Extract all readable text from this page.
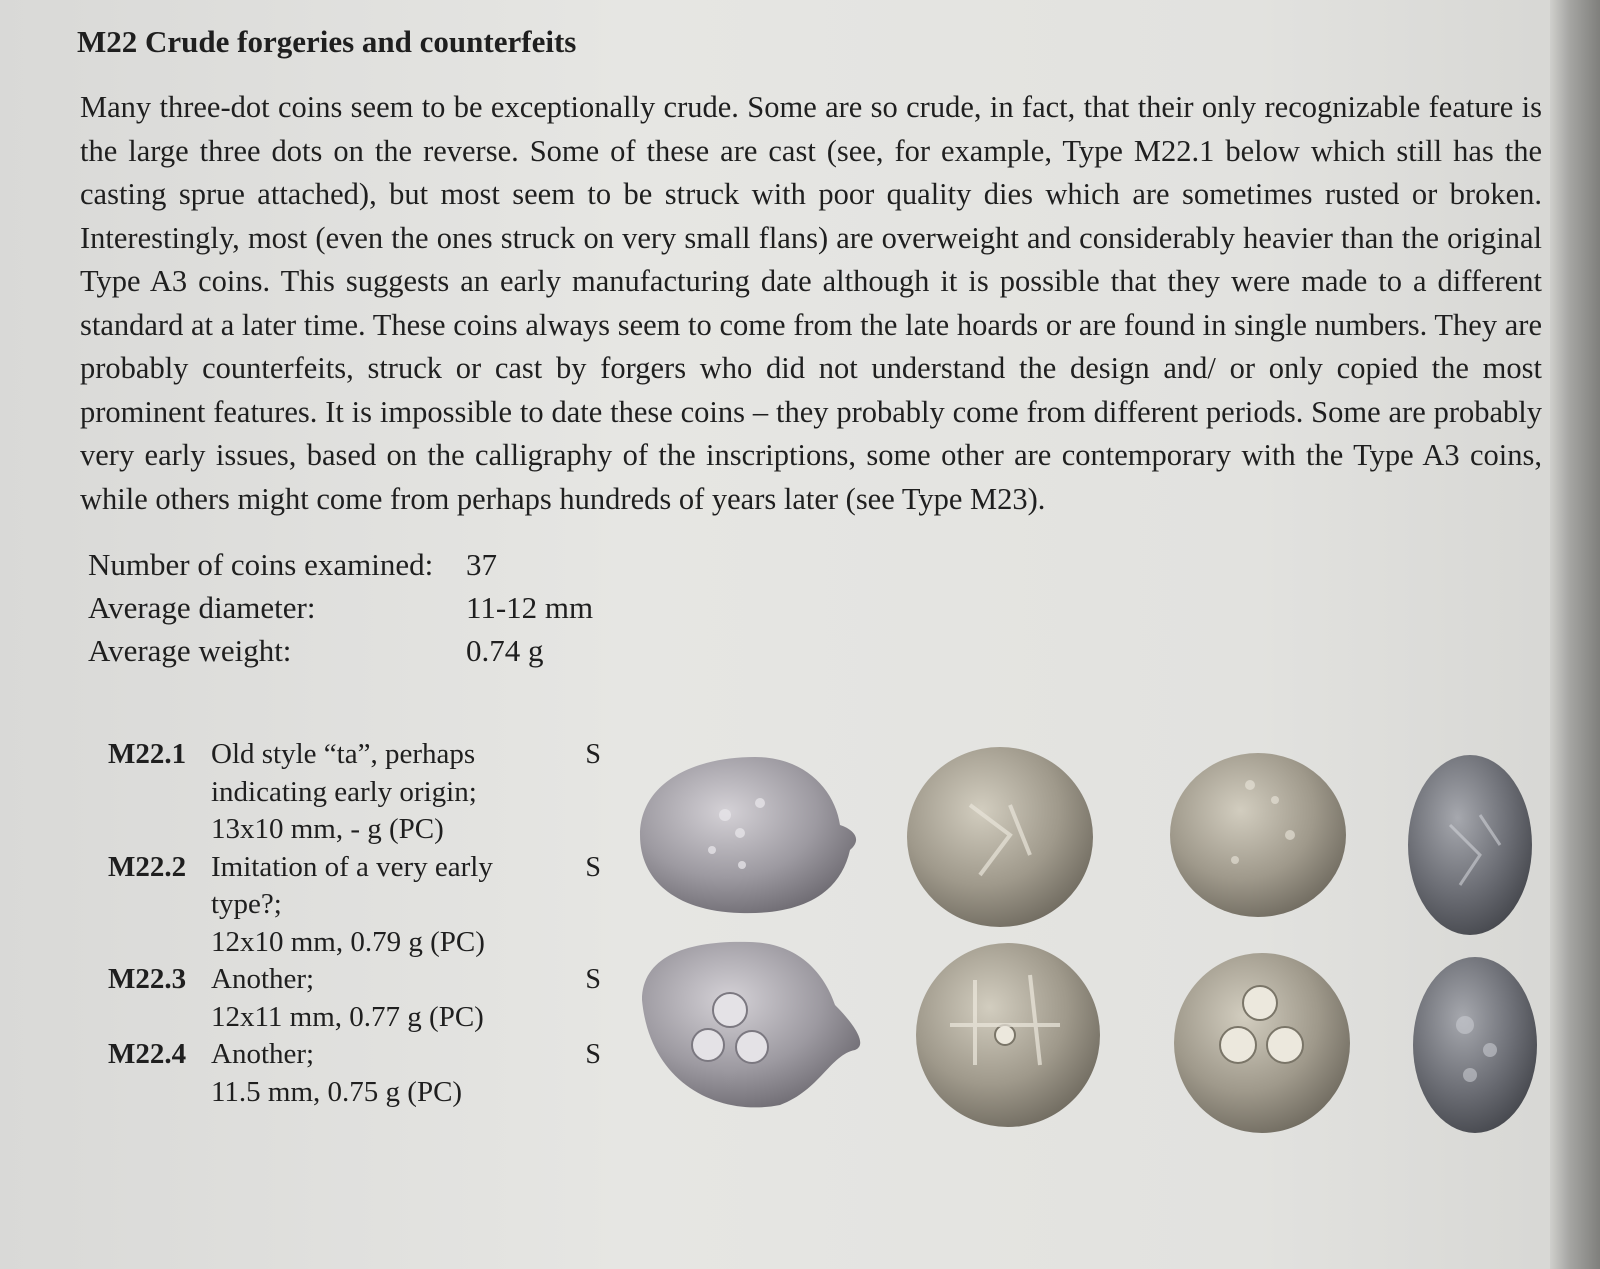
M22 Crude forgeries and counterfeits

Many three-dot coins seem to be exceptionally crude. Some are so crude, in fact, that their only recognizable feature is the large three dots on the reverse. Some of these are cast (see, for example, Type M22.1 below which still has the casting sprue attached), but most seem to be struck with poor quality dies which are sometimes rusted or broken. Interestingly, most (even the ones struck on very small flans) are overweight and considerably heavier than the original Type A3 coins. This suggests an early manufacturing date although it is possible that they were made to a different standard at a later time. These coins always seem to come from the late hoards or are found in single numbers. They are probably counterfeits, struck or cast by forgers who did not understand the design and/ or only copied the most prominent features. It is impossible to date these coins – they probably come from different periods. Some are probably very early issues, based on the calligraphy of the inscriptions, some other are contemporary with the Type A3 coins, while others might come from perhaps hundreds of years later (see Type M23).

Number of coins examined:	37
Average diameter:	11-12 mm
Average weight:	0.74 g
M22.1 Old style “ta”, perhaps
indicating early origin;
13x10 mm, - g (PC)
S
M22.2 Imitation of a very early
type?;
12x10 mm, 0.79 g (PC)
S
M22.3 Another;
12x11 mm, 0.77 g (PC)
S
M22.4 Another;
11.5 mm, 0.75 g (PC)
S
